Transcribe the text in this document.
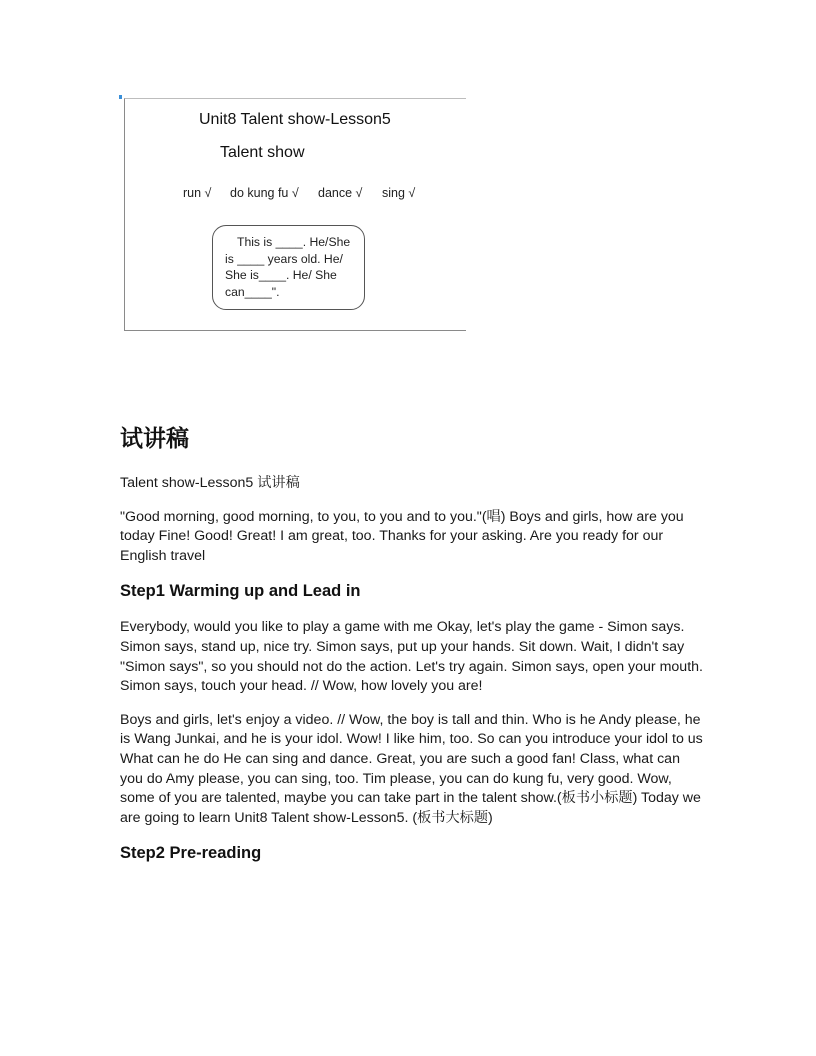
Unit8 Talent show-Lesson5
Talent show
run √ do kung fu √ dance √ sing √
This is ____. He/She
is ____ years old. He/
She is____. He/ She
can____".
试讲稿

Talent show-Lesson5 试讲稿

"Good morning, good morning, to you, to you and to you."(唱) Boys and girls, how are you today Fine! Good! Great! I am great, too. Thanks for your asking. Are you ready for our English travel

Step1 Warming up and Lead in

Everybody, would you like to play a game with me Okay, let's play the game - Simon says. Simon says, stand up, nice try. Simon says, put up your hands. Sit down. Wait, I didn't say "Simon says", so you should not do the action. Let's try again. Simon says, open your mouth. Simon says, touch your head. // Wow, how lovely you are!

Boys and girls, let's enjoy a video. // Wow, the boy is tall and thin. Who is he Andy please, he is Wang Junkai, and he is your idol. Wow! I like him, too. So can you introduce your idol to us What can he do He can sing and dance. Great, you are such a good fan! Class, what can you do Amy please, you can sing, too. Tim please, you can do kung fu, very good. Wow, some of you are talented, maybe you can take part in the talent show.(板书小标题) Today we are going to learn Unit8 Talent show-Lesson5. (板书大标题)

Step2 Pre-reading
